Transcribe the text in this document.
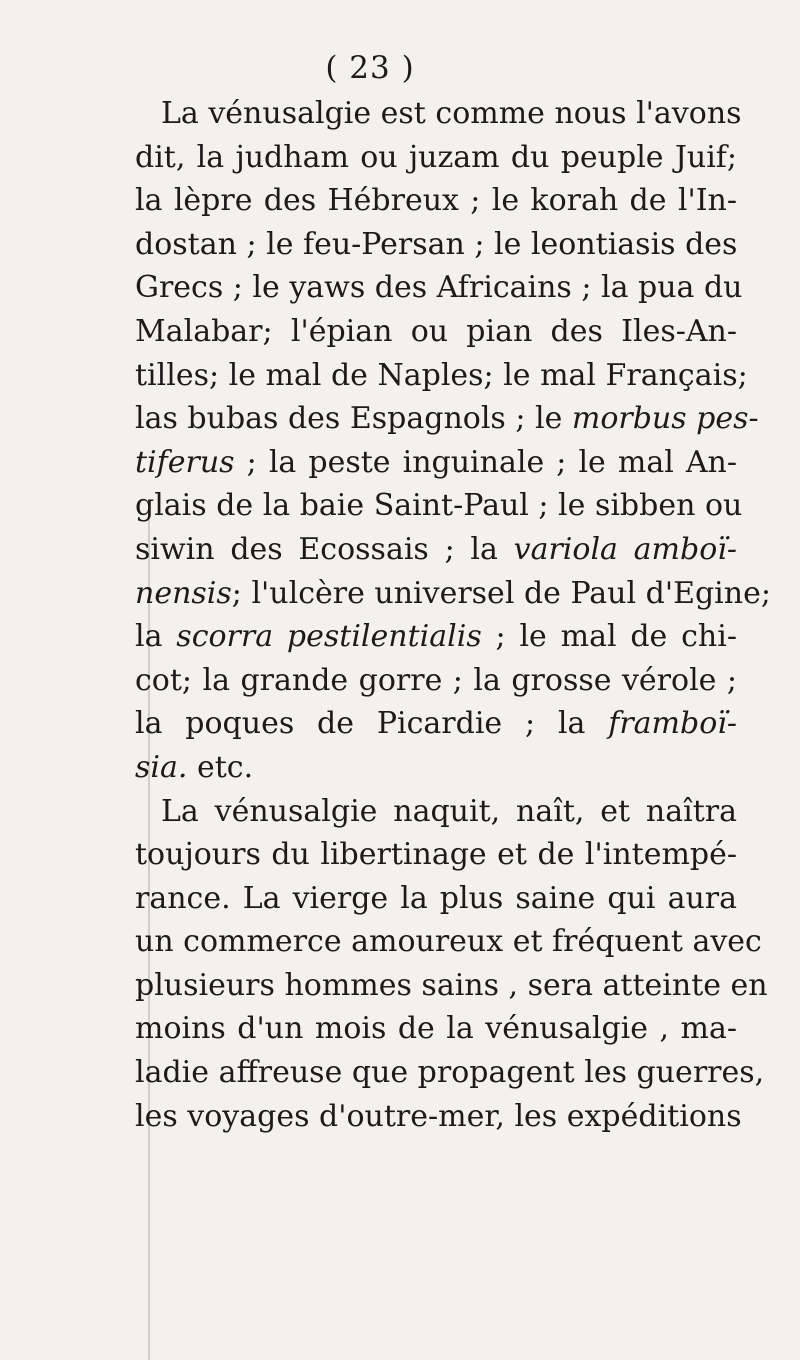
( 23 )
La vénusalgie est comme nous l'avons
dit, la judham ou juzam du peuple Juif;
la lèpre des Hébreux ; le korah de l'In-
dostan ; le feu-Persan ; le leontiasis des
Grecs ; le yaws des Africains ; la pua du
Malabar; l'épian ou pian des Iles-An-
tilles; le mal de Naples; le mal Français;
las bubas des Espagnols ; le morbus pes-
tiferus ; la peste inguinale ; le mal An-
glais de la baie Saint-Paul ; le sibben ou
siwin des Ecossais ; la variola amboï-
nensis; l'ulcère universel de Paul d'Egine;
la scorra pestilentialis ; le mal de chi-
cot; la grande gorre ; la grosse vérole ;
la poques de Picardie ; la framboï-
sia. etc.
La vénusalgie naquit, naît, et naîtra
toujours du libertinage et de l'intempé-
rance. La vierge la plus saine qui aura
un commerce amoureux et fréquent avec
plusieurs hommes sains , sera atteinte en
moins d'un mois de la vénusalgie , ma-
ladie affreuse que propagent les guerres,
les voyages d'outre-mer, les expéditions
